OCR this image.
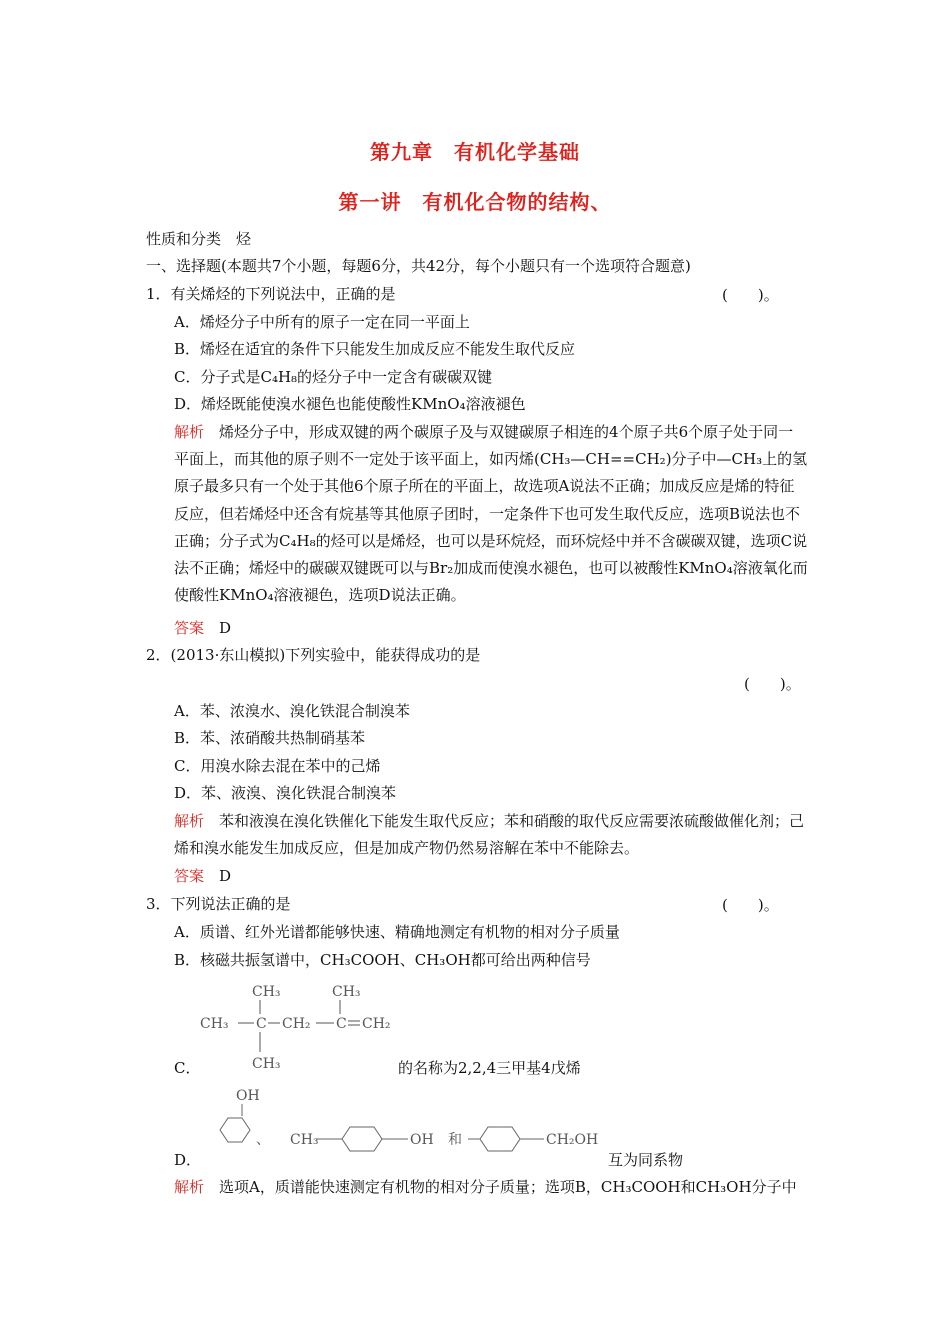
第九章　有机化学基础
第一讲　有机化合物的结构、
性质和分类　烃
一、选择题(本题共7个小题，每题6分，共42分，每个小题只有一个选项符合题意)
1．有关烯烃的下列说法中，正确的是	(　　)。
A．烯烃分子中所有的原子一定在同一平面上
B．烯烃在适宜的条件下只能发生加成反应不能发生取代反应
C．分子式是C₄H₈的烃分子中一定含有碳碳双键
D．烯烃既能使溴水褪色也能使酸性KMnO₄溶液褪色
解析　 烯烃分子中，形成双键的两个碳原子及与双键碳原子相连的4个原子共6个原子处于同一平面上，而其他的原子则不一定处于该平面上，如丙烯(CH₃—CH==CH₂)分子中—CH₃上的氢原子最多只有一个处于其他6个原子所在的平面上，故选项A说法不正确；加成反应是烯的特征反应，但若烯烃中还含有烷基等其他原子团时，一定条件下也可发生取代反应，选项B说法也不正确；分子式为C₄H₈的烃可以是烯烃，也可以是环烷烃，而环烷烃中并不含碳碳双键，选项C说法不正确；烯烃中的碳碳双键既可以与Br₂加成而使溴水褪色，也可以被酸性KMnO₄溶液氧化而使酸性KMnO₄溶液褪色，选项D说法正确。
答案　 D
2．(2013·东山模拟)下列实验中，能获得成功的是
(　　)。
A．苯、浓溴水、溴化铁混合制溴苯
B．苯、浓硝酸共热制硝基苯
C．用溴水除去混在苯中的己烯
D．苯、液溴、溴化铁混合制溴苯
解析　 苯和液溴在溴化铁催化下能发生取代反应；苯和硝酸的取代反应需要浓硫酸做催化剂；己烯和溴水能发生加成反应，但是加成产物仍然易溶解在苯中不能除去。
答案　 D
3．下列说法正确的是	(　　)。
A．质谱、红外光谱都能够快速、精确地测定有机物的相对分子质量
B．核磁共振氢谱中，CH₃COOH、CH₃OH都可给出两种信号
CH₃	CH₃
CH₃ C CH₂ C CH₂
CH₃
C．	的名称为2,2,4三甲基4戊烯
OH
、 CH₃	OH 和	CH₂OH
D．	互为同系物
解析　 选项A，质谱能快速测定有机物的相对分子质量；选项B，CH₃COOH和CH₃OH分子中
